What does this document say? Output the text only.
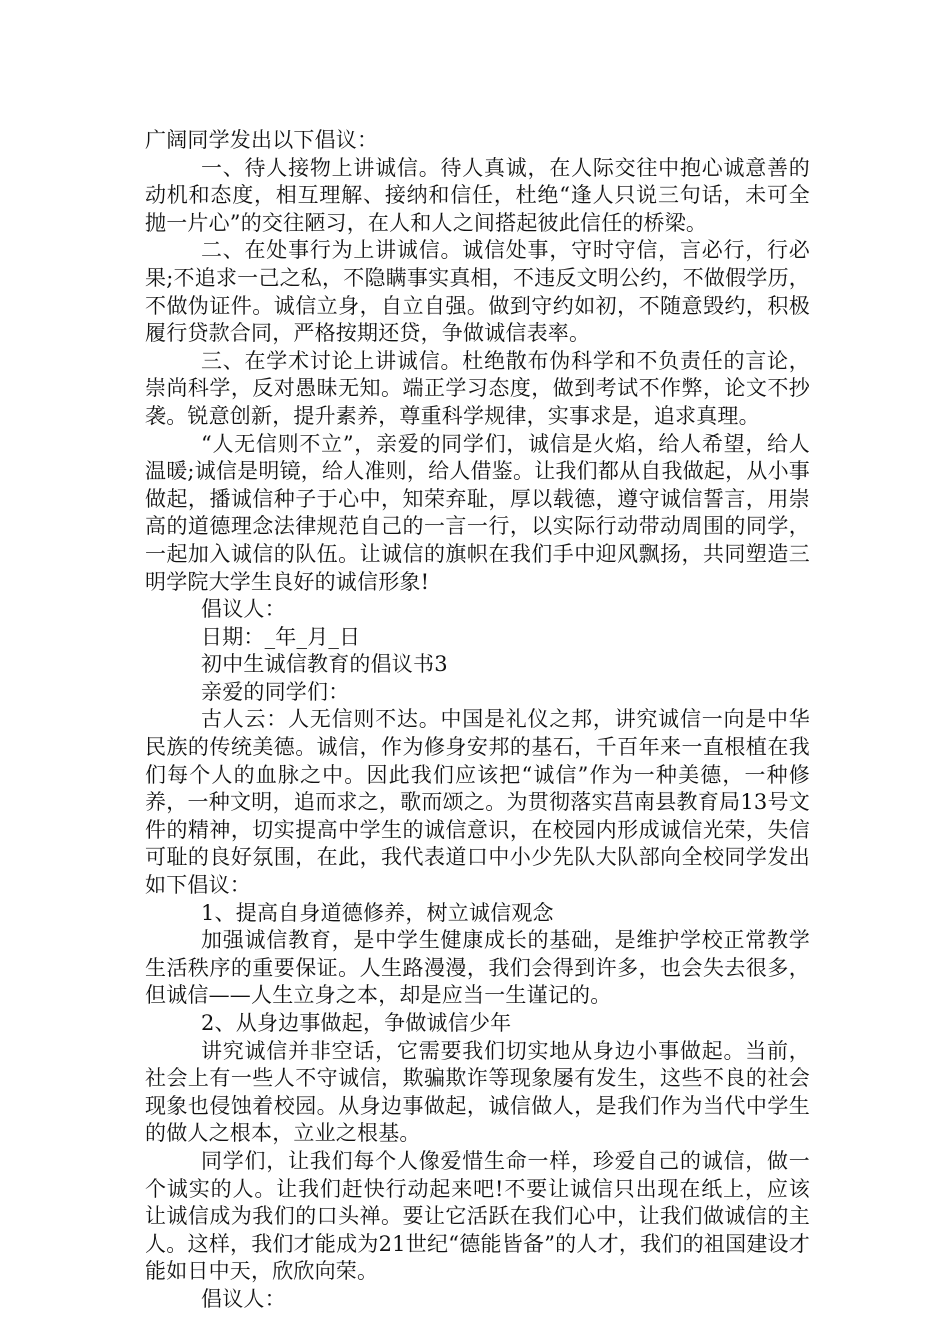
广阔同学发出以下倡议：

一、待人接物上讲诚信。待人真诚，在人际交往中抱心诚意善的动机和态度，相互理解、接纳和信任，杜绝“逢人只说三句话，未可全抛一片心”的交往陋习，在人和人之间搭起彼此信任的桥梁。

二、在处事行为上讲诚信。诚信处事，守时守信，言必行，行必果;不追求一己之私，不隐瞒事实真相，不违反文明公约，不做假学历，不做伪证件。诚信立身，自立自强。做到守约如初，不随意毁约，积极履行贷款合同，严格按期还贷，争做诚信表率。

三、在学术讨论上讲诚信。杜绝散布伪科学和不负责任的言论，崇尚科学，反对愚昧无知。端正学习态度，做到考试不作弊，论文不抄袭。锐意创新，提升素养，尊重科学规律，实事求是，追求真理。

“人无信则不立”，亲爱的同学们，诚信是火焰，给人希望，给人温暖;诚信是明镜，给人准则，给人借鉴。让我们都从自我做起，从小事做起，播诚信种子于心中，知荣弃耻，厚以载德，遵守诚信誓言，用崇高的道德理念法律规范自己的一言一行，以实际行动带动周围的同学，一起加入诚信的队伍。让诚信的旗帜在我们手中迎风飘扬，共同塑造三明学院大学生良好的诚信形象!

倡议人：

日期：_年_月_日

初中生诚信教育的倡议书3

亲爱的同学们：

古人云：人无信则不达。中国是礼仪之邦，讲究诚信一向是中华民族的传统美德。诚信，作为修身安邦的基石，千百年来一直根植在我们每个人的血脉之中。因此我们应该把“诚信”作为一种美德，一种修养，一种文明，追而求之，歌而颂之。为贯彻落实莒南县教育局13号文件的精神，切实提高中学生的诚信意识，在校园内形成诚信光荣，失信可耻的良好氛围，在此，我代表道口中小少先队大队部向全校同学发出如下倡议：

1、提高自身道德修养，树立诚信观念

加强诚信教育，是中学生健康成长的基础，是维护学校正常教学生活秩序的重要保证。人生路漫漫，我们会得到许多，也会失去很多，但诚信——人生立身之本，却是应当一生谨记的。

2、从身边事做起，争做诚信少年

讲究诚信并非空话，它需要我们切实地从身边小事做起。当前，社会上有一些人不守诚信，欺骗欺诈等现象屡有发生，这些不良的社会现象也侵蚀着校园。从身边事做起，诚信做人，是我们作为当代中学生的做人之根本，立业之根基。

同学们，让我们每个人像爱惜生命一样，珍爱自己的诚信，做一个诚实的人。让我们赶快行动起来吧!不要让诚信只出现在纸上，应该让诚信成为我们的口头禅。要让它活跃在我们心中，让我们做诚信的主人。这样，我们才能成为21世纪“德能皆备”的人才，我们的祖国建设才能如日中天，欣欣向荣。

倡议人：
